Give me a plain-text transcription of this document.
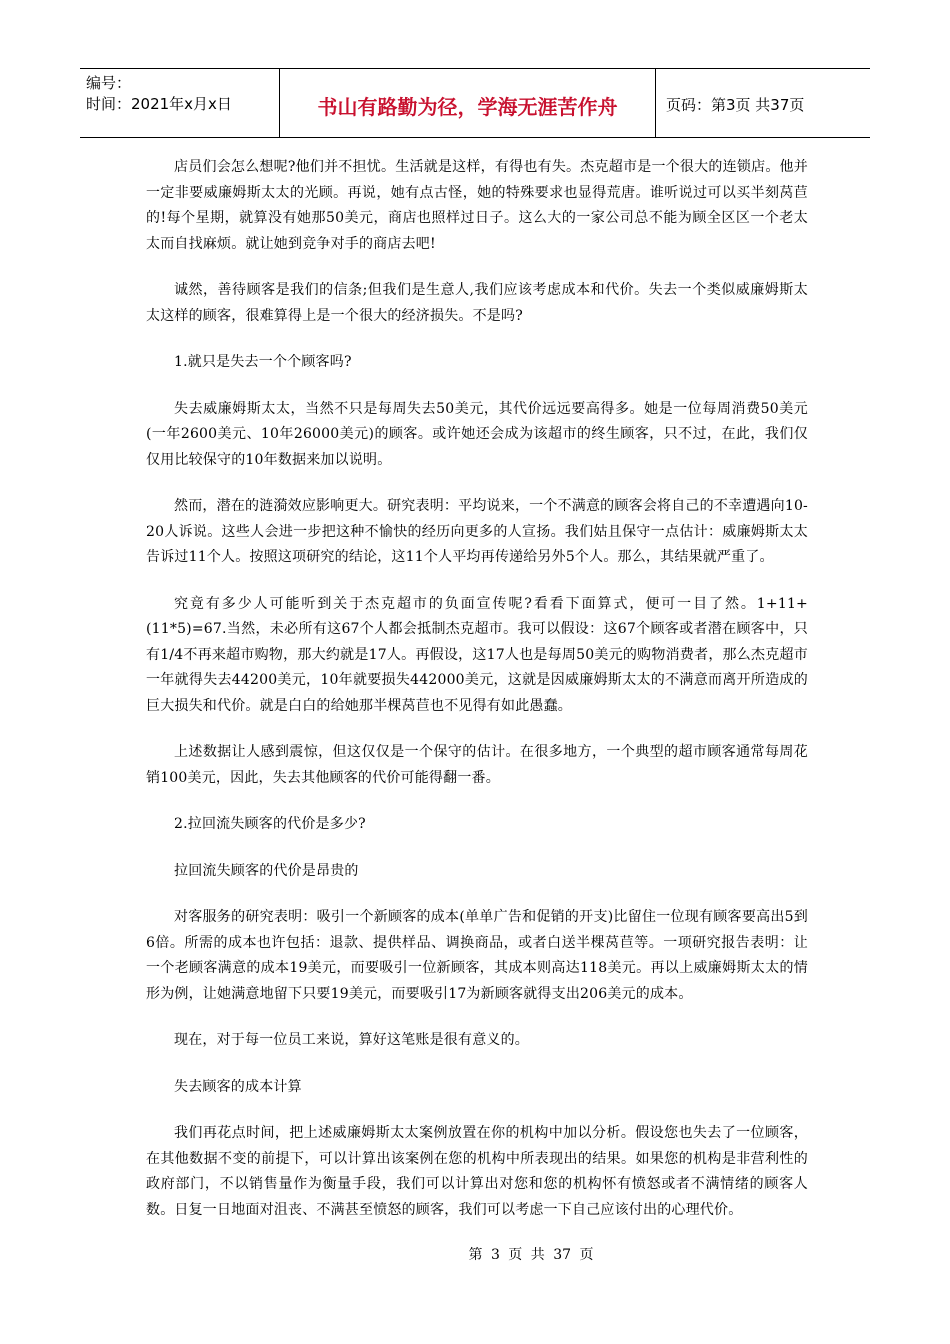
编号：
时间：2021年x月x日	书山有路勤为径，学海无涯苦作舟	页码：第3页 共37页

店员们会怎么想呢?他们并不担忧。生活就是这样，有得也有失。杰克超市是一个很大的连锁店。他并一定非要威廉姆斯太太的光顾。再说，她有点古怪，她的特殊要求也显得荒唐。谁听说过可以买半刻莴苣的!每个星期，就算没有她那50美元，商店也照样过日子。这么大的一家公司总不能为顾全区区一个老太太而自找麻烦。就让她到竞争对手的商店去吧!

诚然，善待顾客是我们的信条;但我们是生意人,我们应该考虑成本和代价。失去一个类似威廉姆斯太太这样的顾客，很难算得上是一个很大的经济损失。不是吗?

1.就只是失去一个个顾客吗?

失去威廉姆斯太太，当然不只是每周失去50美元，其代价远远要高得多。她是一位每周消费50美元(一年2600美元、10年26000美元)的顾客。或许她还会成为该超市的终生顾客，只不过，在此，我们仅仅用比较保守的10年数据来加以说明。

然而，潜在的涟漪效应影响更大。研究表明：平均说来，一个不满意的顾客会将自己的不幸遭遇向10-20人诉说。这些人会进一步把这种不愉快的经历向更多的人宣扬。我们姑且保守一点估计：威廉姆斯太太告诉过11个人。按照这项研究的结论，这11个人平均再传递给另外5个人。那么，其结果就严重了。

究竟有多少人可能听到关于杰克超市的负面宣传呢?看看下面算式，便可一目了然。1+11+(11*5)=67.当然，未必所有这67个人都会抵制杰克超市。我可以假设：这67个顾客或者潜在顾客中，只有1/4不再来超市购物，那大约就是17人。再假设，这17人也是每周50美元的购物消费者，那么杰克超市一年就得失去44200美元，10年就要损失442000美元，这就是因威廉姆斯太太的不满意而离开所造成的巨大损失和代价。就是白白的给她那半棵莴苣也不见得有如此愚蠢。

上述数据让人感到震惊，但这仅仅是一个保守的估计。在很多地方，一个典型的超市顾客通常每周花销100美元，因此，失去其他顾客的代价可能得翻一番。

2.拉回流失顾客的代价是多少?

拉回流失顾客的代价是昂贵的

对客服务的研究表明：吸引一个新顾客的成本(单单广告和促销的开支)比留住一位现有顾客要高出5到6倍。所需的成本也许包括：退款、提供样品、调换商品，或者白送半棵莴苣等。一项研究报告表明：让一个老顾客满意的成本19美元，而要吸引一位新顾客，其成本则高达118美元。再以上威廉姆斯太太的情形为例，让她满意地留下只要19美元，而要吸引17为新顾客就得支出206美元的成本。

现在，对于每一位员工来说，算好这笔账是很有意义的。

失去顾客的成本计算

我们再花点时间，把上述威廉姆斯太太案例放置在你的机构中加以分析。假设您也失去了一位顾客，在其他数据不变的前提下，可以计算出该案例在您的机构中所表现出的结果。如果您的机构是非营利性的政府部门，不以销售量作为衡量手段，我们可以计算出对您和您的机构怀有愤怒或者不满情绪的顾客人数。日复一日地面对沮丧、不满甚至愤怒的顾客，我们可以考虑一下自己应该付出的心理代价。

第 3 页 共 37 页
